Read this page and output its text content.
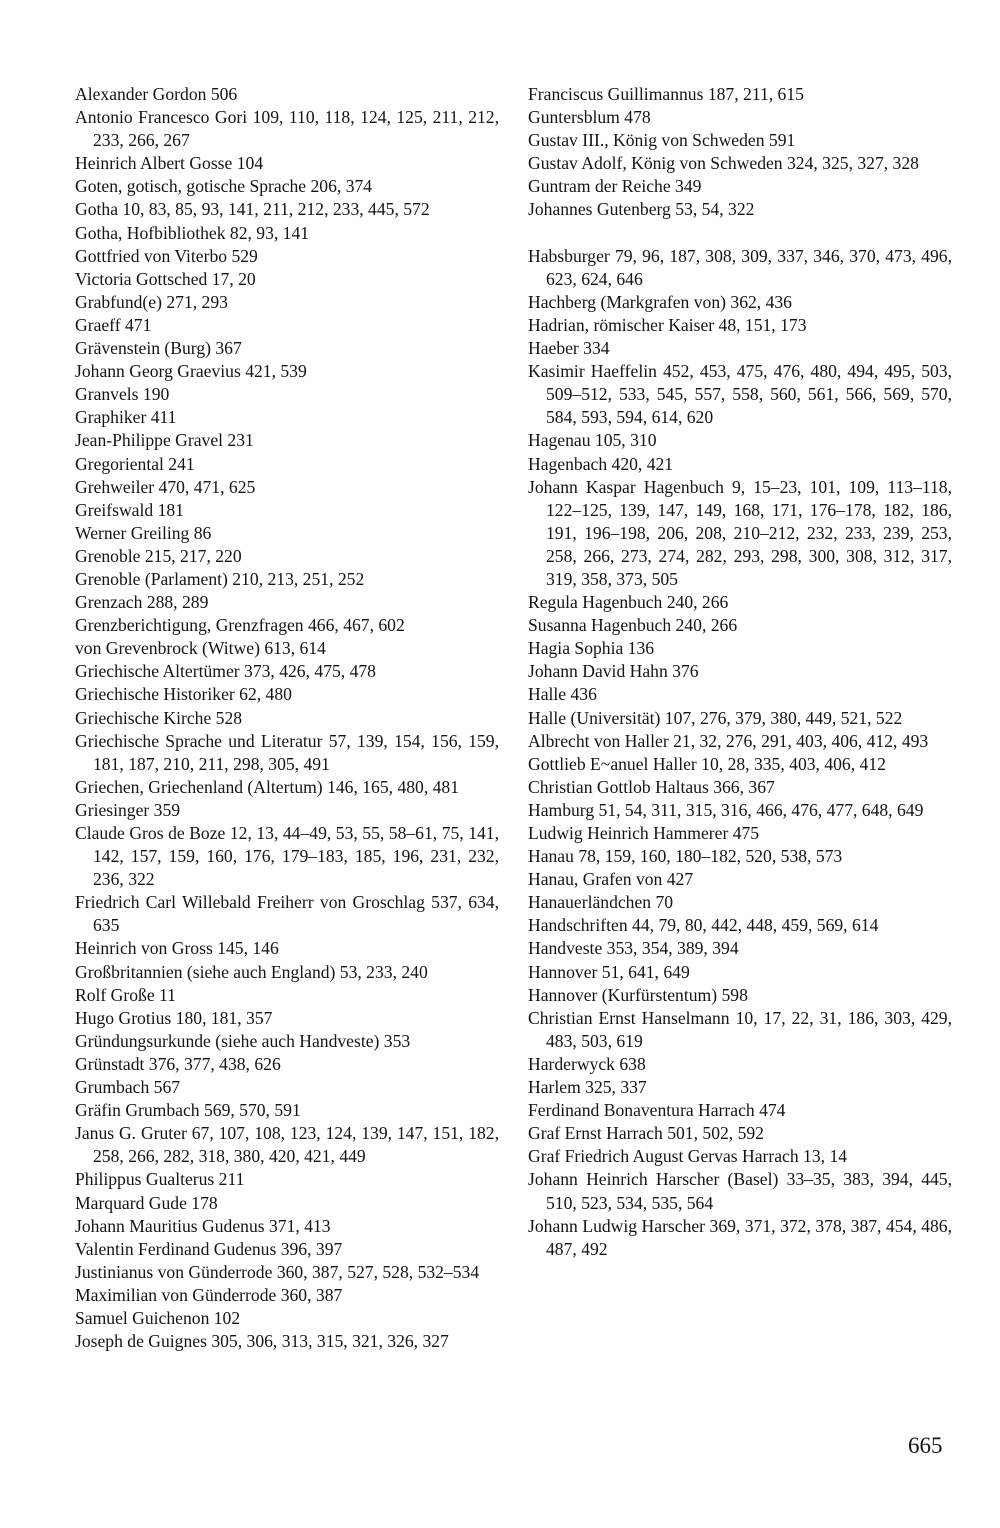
Alexander Gordon 506
Antonio Francesco Gori 109, 110, 118, 124, 125, 211, 212, 233, 266, 267
Heinrich Albert Gosse 104
Goten, gotisch, gotische Sprache 206, 374
Gotha 10, 83, 85, 93, 141, 211, 212, 233, 445, 572
Gotha, Hofbibliothek 82, 93, 141
Gottfried von Viterbo 529
Victoria Gottsched 17, 20
Grabfund(e) 271, 293
Graeff 471
Grävenstein (Burg) 367
Johann Georg Graevius 421, 539
Granvels 190
Graphiker 411
Jean-Philippe Gravel 231
Gregoriental 241
Grehweiler 470, 471, 625
Greifswald 181
Werner Greiling 86
Grenoble 215, 217, 220
Grenoble (Parlament) 210, 213, 251, 252
Grenzach 288, 289
Grenzberichtigung, Grenzfragen 466, 467, 602
von Grevenbrock (Witwe) 613, 614
Griechische Altertümer 373, 426, 475, 478
Griechische Historiker 62, 480
Griechische Kirche 528
Griechische Sprache und Literatur 57, 139, 154, 156, 159, 181, 187, 210, 211, 298, 305, 491
Griechen, Griechenland (Altertum) 146, 165, 480, 481
Griesinger 359
Claude Gros de Boze 12, 13, 44–49, 53, 55, 58–61, 75, 141, 142, 157, 159, 160, 176, 179–183, 185, 196, 231, 232, 236, 322
Friedrich Carl Willebald Freiherr von Groschlag 537, 634, 635
Heinrich von Gross 145, 146
Großbritannien (siehe auch England) 53, 233, 240
Rolf Große 11
Hugo Grotius 180, 181, 357
Gründungsurkunde (siehe auch Handveste) 353
Grünstadt 376, 377, 438, 626
Grumbach 567
Gräfin Grumbach 569, 570, 591
Janus G. Gruter 67, 107, 108, 123, 124, 139, 147, 151, 182, 258, 266, 282, 318, 380, 420, 421, 449
Philippus Gualterus 211
Marquard Gude 178
Johann Mauritius Gudenus 371, 413
Valentin Ferdinand Gudenus 396, 397
Justinianus von Günderrode 360, 387, 527, 528, 532–534
Maximilian von Günderrode 360, 387
Samuel Guichenon 102
Joseph de Guignes 305, 306, 313, 315, 321, 326, 327
Franciscus Guillimannus 187, 211, 615
Guntersblum 478
Gustav III., König von Schweden 591
Gustav Adolf, König von Schweden 324, 325, 327, 328
Guntram der Reiche 349
Johannes Gutenberg 53, 54, 322
Habsburger 79, 96, 187, 308, 309, 337, 346, 370, 473, 496, 623, 624, 646
Hachberg (Markgrafen von) 362, 436
Hadrian, römischer Kaiser 48, 151, 173
Haeber 334
Kasimir Haeffelin 452, 453, 475, 476, 480, 494, 495, 503, 509–512, 533, 545, 557, 558, 560, 561, 566, 569, 570, 584, 593, 594, 614, 620
Hagenau 105, 310
Hagenbach 420, 421
Johann Kaspar Hagenbuch 9, 15–23, 101, 109, 113–118, 122–125, 139, 147, 149, 168, 171, 176–178, 182, 186, 191, 196–198, 206, 208, 210–212, 232, 233, 239, 253, 258, 266, 273, 274, 282, 293, 298, 300, 308, 312, 317, 319, 358, 373, 505
Regula Hagenbuch 240, 266
Susanna Hagenbuch 240, 266
Hagia Sophia 136
Johann David Hahn 376
Halle 436
Halle (Universität) 107, 276, 379, 380, 449, 521, 522
Albrecht von Haller 21, 32, 276, 291, 403, 406, 412, 493
Gottlieb E~anuel Haller 10, 28, 335, 403, 406, 412
Christian Gottlob Haltaus 366, 367
Hamburg 51, 54, 311, 315, 316, 466, 476, 477, 648, 649
Ludwig Heinrich Hammerer 475
Hanau 78, 159, 160, 180–182, 520, 538, 573
Hanau, Grafen von 427
Hanauerländchen 70
Handschriften 44, 79, 80, 442, 448, 459, 569, 614
Handveste 353, 354, 389, 394
Hannover 51, 641, 649
Hannover (Kurfürstentum) 598
Christian Ernst Hanselmann 10, 17, 22, 31, 186, 303, 429, 483, 503, 619
Harderwyck 638
Harlem 325, 337
Ferdinand Bonaventura Harrach 474
Graf Ernst Harrach 501, 502, 592
Graf Friedrich August Gervas Harrach 13, 14
Johann Heinrich Harscher (Basel) 33–35, 383, 394, 445, 510, 523, 534, 535, 564
Johann Ludwig Harscher 369, 371, 372, 378, 387, 454, 486, 487, 492
665
